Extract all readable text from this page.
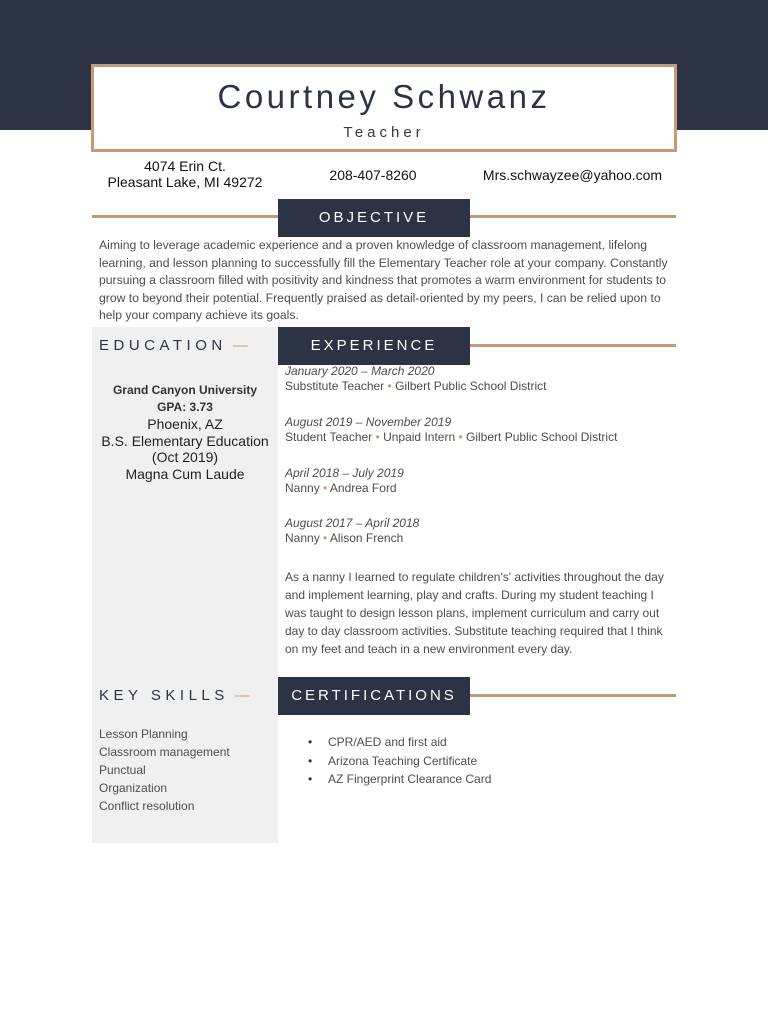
Courtney Schwanz
Teacher
4074 Erin Ct.
Pleasant Lake, MI 49272	208-407-8260	Mrs.schwayzee@yahoo.com
OBJECTIVE
Aiming to leverage academic experience and a proven knowledge of classroom management, lifelong learning, and lesson planning to successfully fill the Elementary Teacher role at your company. Constantly pursuing a classroom filled with positivity and kindness that promotes a warm environment for students to grow to beyond their potential. Frequently praised as detail-oriented by my peers, I can be relied upon to help your company achieve its goals.
EDUCATION —
Grand Canyon University
GPA: 3.73
Phoenix, AZ
B.S. Elementary Education
(Oct 2019)
Magna Cum Laude
EXPERIENCE
January 2020 – March 2020
Substitute Teacher • Gilbert Public School District
August 2019 – November 2019
Student Teacher • Unpaid Intern • Gilbert Public School District
April 2018 – July 2019
Nanny • Andrea Ford
August 2017 – April 2018
Nanny • Alison French
As a nanny I learned to regulate children's' activities throughout the day and implement learning, play and crafts. During my student teaching I was taught to design lesson plans, implement curriculum and carry out day to day classroom activities. Substitute teaching required that I think on my feet and teach in a new environment every day.
KEY SKILLS —
Lesson Planning
Classroom management
Punctual
Organization
Conflict resolution
CERTIFICATIONS
• CPR/AED and first aid
• Arizona Teaching Certificate
• AZ Fingerprint Clearance Card
